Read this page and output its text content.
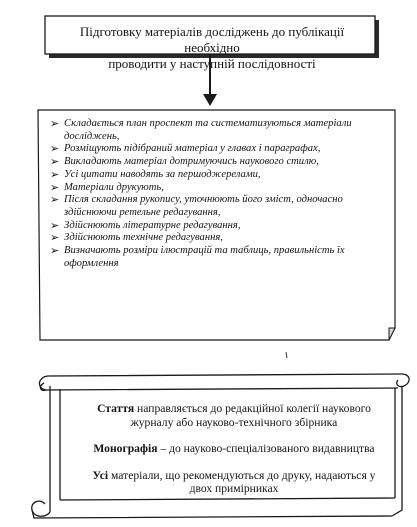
Підготовку матеріалів досліджень до публікації необхідно
проводити у наступній послідовності
➢ Складається план проспект та систематизуються матеріали досліджень,
➢ Розміщують підібраний матеріал у главах і параграфах,
➢ Викладають матеріал дотримуючись наукового стилю,
➢ Усі цитати наводять за першоджерелами,
➢ Матеріали друкують,
➢ Після складання рукопису, уточнюють його зміст, одночасно здійснюючи ретельне редагування,
➢ Здійснюють літературне редагування,
➢ Здійснюють технічне редагування,
➢ Визначають розміри ілюстрацій та таблиць, правильність їх оформлення

Стаття направляється до редакційної колегії наукового журналу або науково-технічного збірника

Монографія – до науково-спеціалізованого видавництва

Усі матеріали, що рекомендуються до друку, надаються у двох примірниках
